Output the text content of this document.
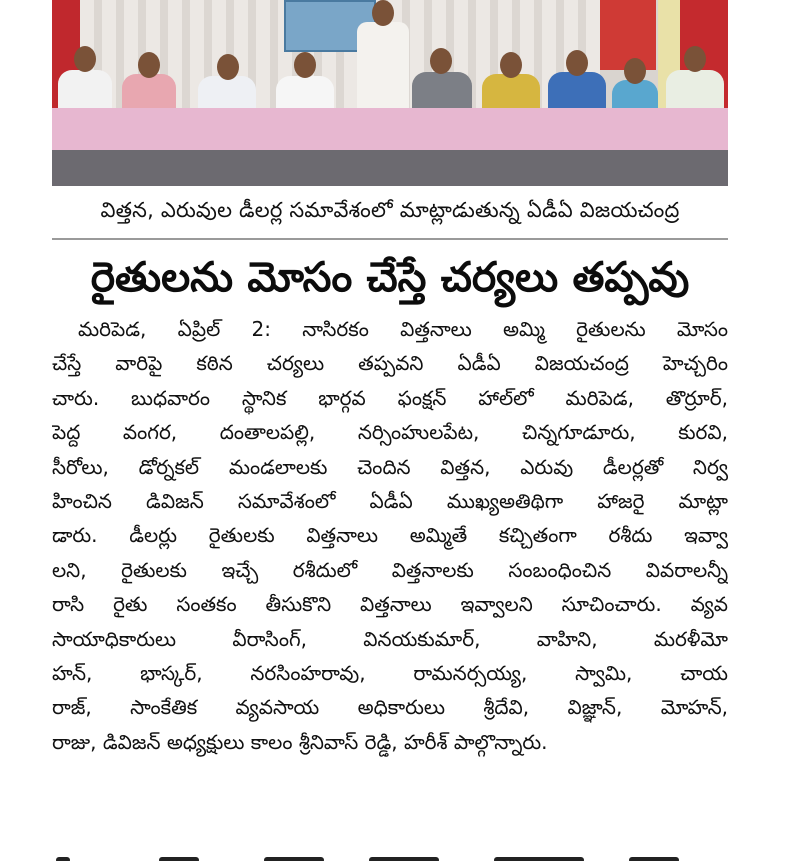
విత్తన, ఎరువుల డీలర్ల సమావేశంలో మాట్లాడుతున్న ఏడీఏ విజయచంద్ర
రైతులను మోసం చేస్తే చర్యలు తప్పవు
మరిపెడ, ఏప్రిల్ 2: నాసిరకం విత్తనాలు అమ్మి రైతులను మోసం
చేస్తే వారిపై కఠిన చర్యలు తప్పవని ఏడీఏ విజయచంద్ర హెచ్చరిం
చారు. బుధవారం స్థానిక భార్గవ ఫంక్షన్ హాల్‌లో మరిపెడ, తొర్రూర్,
పెద్ద వంగర, దంతాలపల్లి, నర్సింహులపేట, చిన్నగూడూరు, కురవి,
సీరోలు, డోర్నకల్ మండలాలకు చెందిన విత్తన, ఎరువు డీలర్లతో నిర్వ
హించిన డివిజన్ సమావేశంలో ఏడీఏ ముఖ్యఅతిథిగా హాజరై మాట్లా
డారు. డీలర్లు రైతులకు విత్తనాలు అమ్మితే కచ్చితంగా రశీదు ఇవ్వా
లని, రైతులకు ఇచ్చే రశీదులో విత్తనాలకు సంబంధించిన వివరాలన్నీ
రాసి రైతు సంతకం తీసుకొని విత్తనాలు ఇవ్వాలని సూచించారు. వ్యవ
సాయాధికారులు వీరాసింగ్, వినయకుమార్, వాహిని, మరళీమో
హన్, భాస్కర్, నరసింహరావు, రామనర్సయ్య, స్వామి, చాయ
రాజ్, సాంకేతిక వ్యవసాయ అధికారులు శ్రీదేవి, విజ్ఞాన్, మోహన్,
రాజు, డివిజన్ అధ్యక్షులు కాలం శ్రీనివాస్ రెడ్డి, హరీశ్ పాల్గొన్నారు.
